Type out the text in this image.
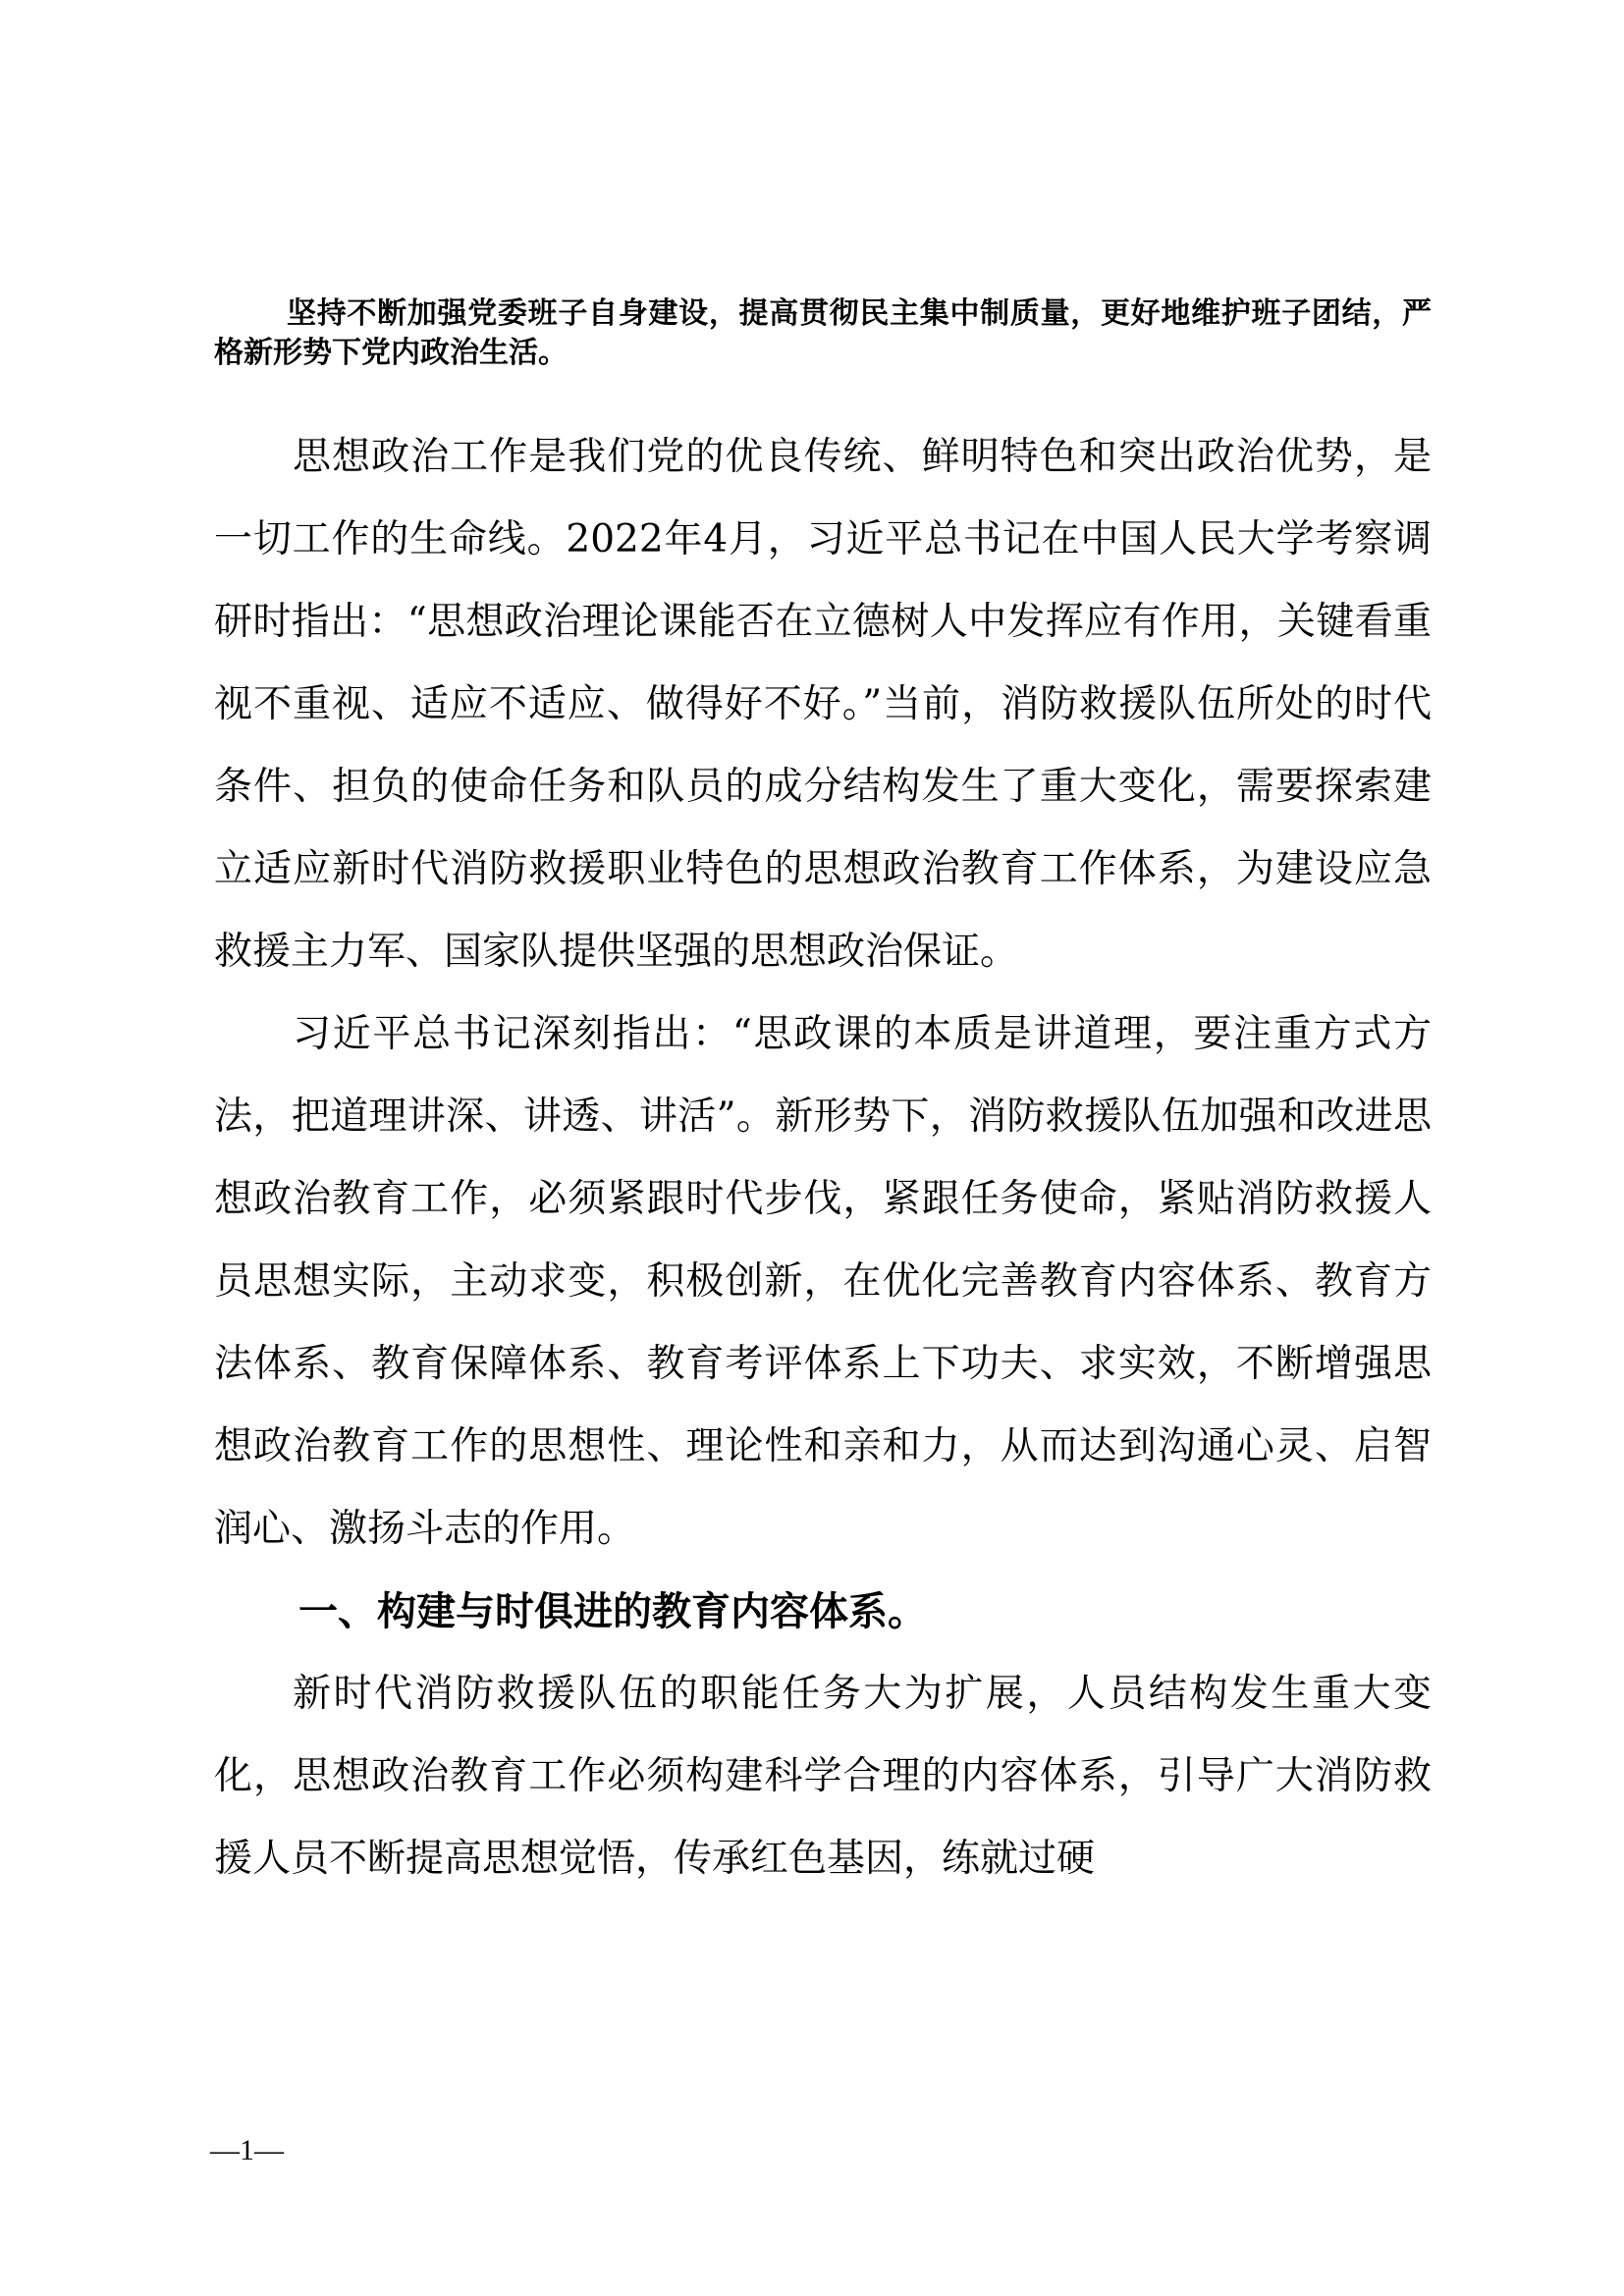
坚持不断加强党委班子自身建设，提高贯彻民主集中制质量，更好地维护班子团结，严格新形势下党内政治生活。

思想政治工作是我们党的优良传统、鲜明特色和突出政治优势，是一切工作的生命线。2022年4月，习近平总书记在中国人民大学考察调研时指出：“思想政治理论课能否在立德树人中发挥应有作用，关键看重视不重视、适应不适应、做得好不好。”当前，消防救援队伍所处的时代条件、担负的使命任务和队员的成分结构发生了重大变化，需要探索建立适应新时代消防救援职业特色的思想政治教育工作体系，为建设应急救援主力军、国家队提供坚强的思想政治保证。

习近平总书记深刻指出：“思政课的本质是讲道理，要注重方式方法，把道理讲深、讲透、讲活”。新形势下，消防救援队伍加强和改进思想政治教育工作，必须紧跟时代步伐，紧跟任务使命，紧贴消防救援人员思想实际，主动求变，积极创新，在优化完善教育内容体系、教育方法体系、教育保障体系、教育考评体系上下功夫、求实效，不断增强思想政治教育工作的思想性、理论性和亲和力，从而达到沟通心灵、启智润心、激扬斗志的作用。

一、构建与时俱进的教育内容体系。

新时代消防救援队伍的职能任务大为扩展，人员结构发生重大变化，思想政治教育工作必须构建科学合理的内容体系，引导广大消防救援人员不断提高思想觉悟，传承红色基因，练就过硬

—1—
